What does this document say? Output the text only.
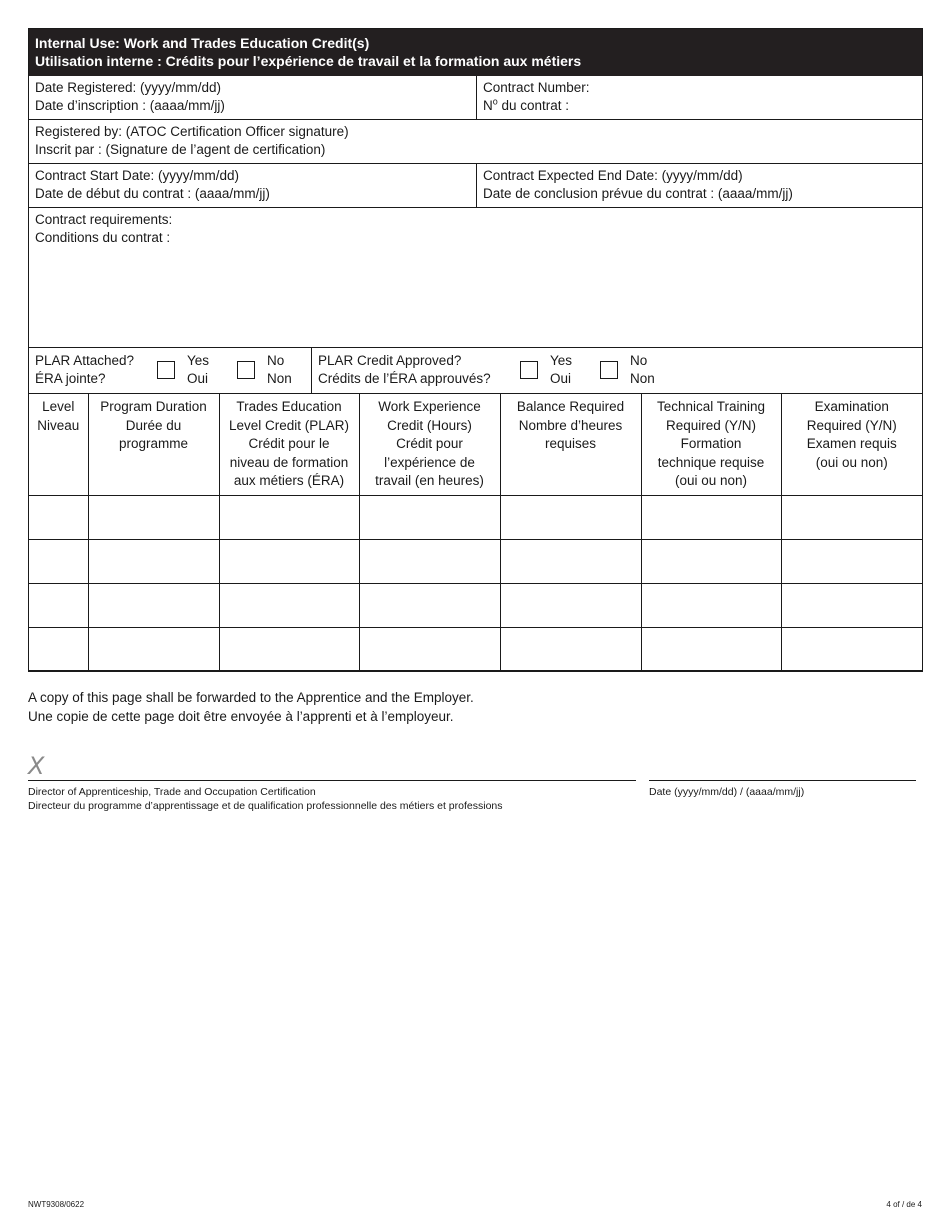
Internal Use: Work and Trades Education Credit(s)
Utilisation interne : Crédits pour l’expérience de travail et la formation aux métiers
Date Registered: (yyyy/mm/dd)
Date d’inscription : (aaaa/mm/jj)
Contract Number:
$N^o$ du contrat :
Registered by: (ATOC Certification Officer signature)
Inscrit par : (Signature de l’agent de certification)
Contract Start Date: (yyyy/mm/dd)
Date de début du contrat : (aaaa/mm/jj)
Contract Expected End Date: (yyyy/mm/dd)
Date de conclusion prévue du contrat : (aaaa/mm/jj)
Contract requirements:
Conditions du contrat :
PLAR Attached?
ÉRA jointe?
Yes
Oui
No
Non
PLAR Credit Approved?
Crédits de l’ÉRA approuvés?
Yes
Oui
No
Non
Level
Niveau	Program Duration
Durée du
programme	Trades Education
Level Credit (PLAR)
Crédit pour le
niveau de formation
aux métiers (ÉRA)	Work Experience
Credit (Hours)
Crédit pour
l’expérience de
travail (en heures)	Balance Required
Nombre d’heures
requises	Technical Training
Required (Y/N)
Formation
technique requise
(oui ou non)	Examination
Required (Y/N)
Examen requis
(oui ou non)

A copy of this page shall be forwarded to the Apprentice and the Employer.
Une copie de cette page doit être envoyée à l’apprenti et à l’employeur.
X
Director of Apprenticeship, Trade and Occupation Certification
Directeur du programme d’apprentissage et de qualification professionnelle des métiers et professions
Date (yyyy/mm/dd) / (aaaa/mm/jj)
NWT9308/0622	4 of / de 4
